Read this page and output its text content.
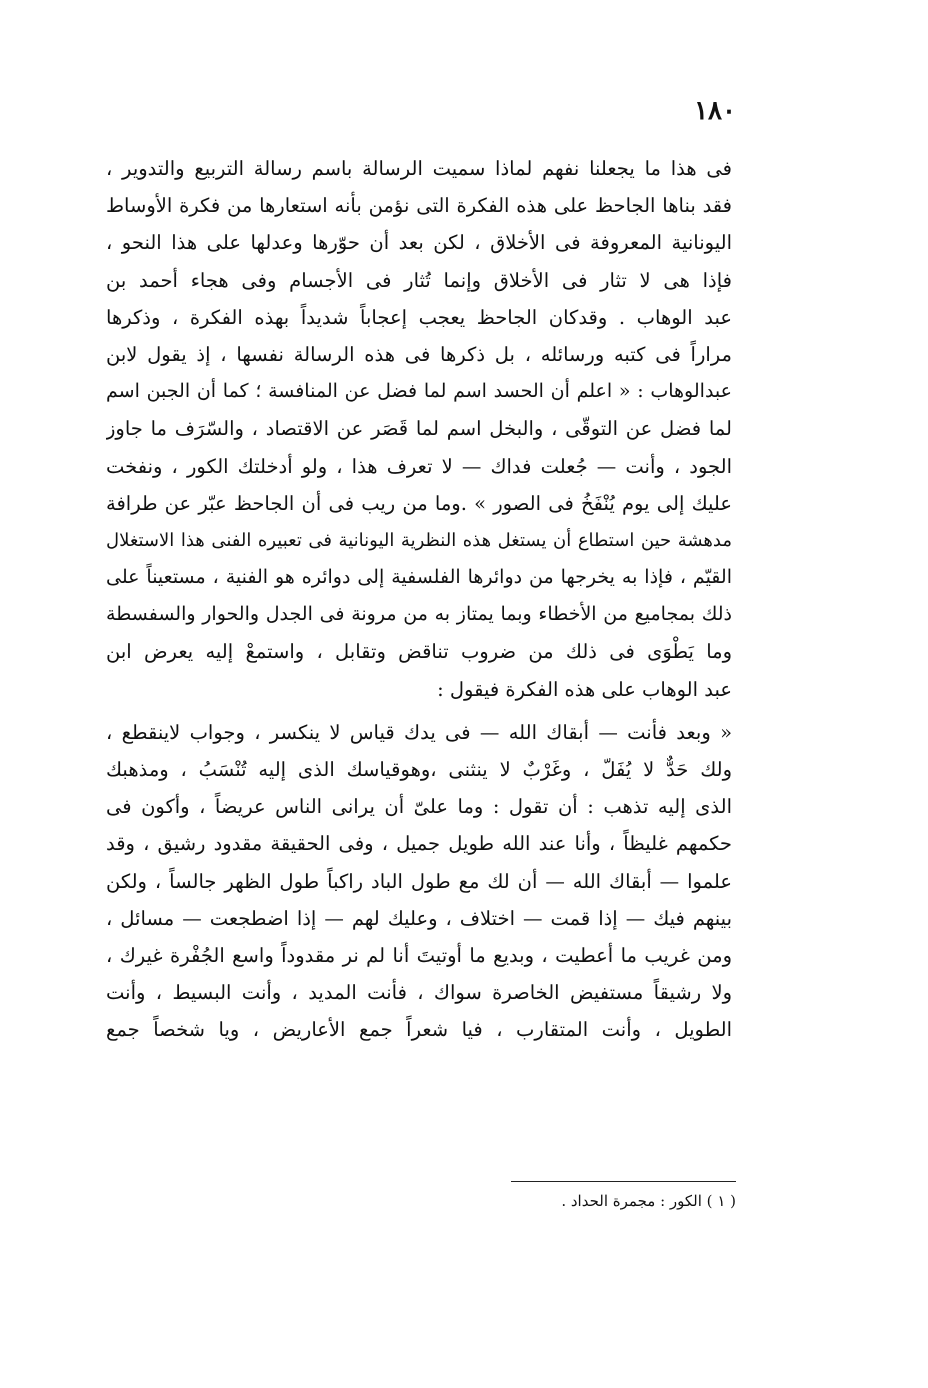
١٨٠
فى هذا ما يجعلنا نفهم لماذا سميت الرسالة باسم رسالة التربيع والتدوير ،
فقد بناها الجاحظ على هذه الفكرة التى نؤمن بأنه استعارها من فكرة الأوساط
اليونانية المعروفة فى الأخلاق ، لكن بعد أن حوّرها وعدلها على هذا النحو ،
فإذا هى لا تثار فى الأخلاق وإنما تُثار فى الأجسام وفى هجاء أحمد بن
عبد الوهاب . وقدكان الجاحظ يعجب إعجاباً شديداً بهذه الفكرة ، وذكرها
مراراً فى كتبه ورسائله ، بل ذكرها فى هذه الرسالة نفسها ، إذ يقول لابن
عبدالوهاب : « اعلم أن الحسد اسم لما فضل عن المنافسة ؛ كما أن الجبن اسم
لما فضل عن التوقّى ، والبخل اسم لما قَصَر عن الاقتصاد ، والسّرَف ما جاوز
الجود ، وأنت — جُعلت فداك — لا تعرف هذا ، ولو أدخلتك الكور ، ونفخت
عليك إلى يوم يُنْفَخُ فى الصور » .وما من ريب فى أن الجاحظ عبّر عن طرافة
مدهشة حين استطاع أن يستغل هذه النظرية اليونانية فى تعبيره الفنى هذا الاستغلال
القيّم ، فإذا به يخرجها من دوائرها الفلسفية إلى دوائره هو الفنية ، مستعيناً على
ذلك بمجاميع من الأخطاء وبما يمتاز به من مرونة فى الجدل والحوار والسفسطة
وما يَطْوَى فى ذلك من ضروب تناقض وتقابل ، واستمعْ إليه يعرض ابن
عبد الوهاب على هذه الفكرة فيقول :
« وبعد فأنت — أبقاك الله — فى يدك قياس لا ينكسر ، وجواب لاينقطع ،
ولك حَدٌّ لا يُفَلّ ، وغَرْبٌ لا ينثنى ،وهوقياسك الذى إليه تُنْسَبُ ، ومذهبك
الذى إليه تذهب : أن تقول : وما علىّ أن يرانى الناس عريضاً ، وأكون فى
حكمهم غليظاً ، وأنا عند الله طويل جميل ، وفى الحقيقة مقدود رشيق ، وقد
علموا — أبقاك الله — أن لك مع طول الباد راكباً طول الظهر جالساً ، ولكن
بينهم فيك — إذا قمت — اختلاف ، وعليك لهم — إذا اضطجعت — مسائل ،
ومن غريب ما أعطيت ، وبديع ما أوتيتَ أنا لم نر مقدوداً واسع الجُفْرة غيرك ،
ولا رشيقاً مستفيض الخاصرة سواك ، فأنت المديد ، وأنت البسيط ، وأنت
الطويل ، وأنت المتقارب ، فيا شعراً جمع الأعاريض ، ويا شخصاً جمع
( ١ ) الكور : مجمرة الحداد .
